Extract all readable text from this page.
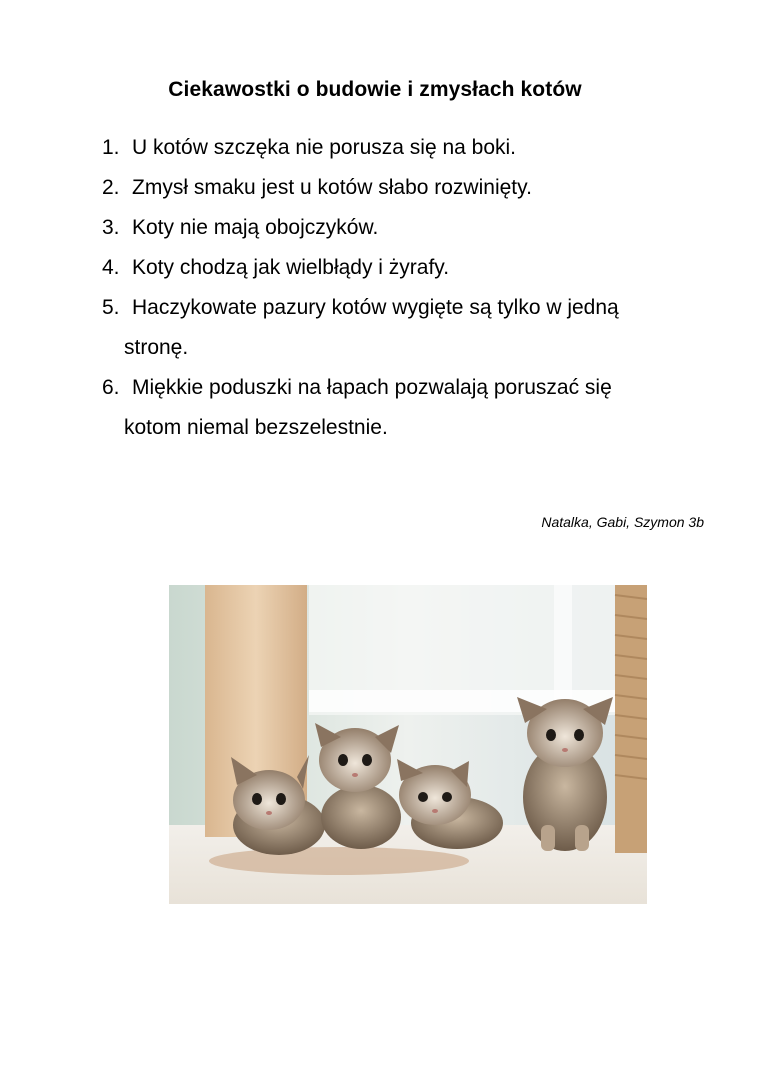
Ciekawostki o budowie i zmysłach kotów
1. U kotów szczęka nie porusza się na boki.
2. Zmysł smaku jest u kotów słabo rozwinięty.
3. Koty nie mają obojczyków.
4. Koty chodzą jak wielbłądy i żyrafy.
5. Haczykowate pazury kotów wygięte są tylko w jedną
stronę.
6. Miękkie poduszki na łapach pozwalają poruszać się
kotom niemal bezszelestnie.
Natalka, Gabi, Szymon 3b
